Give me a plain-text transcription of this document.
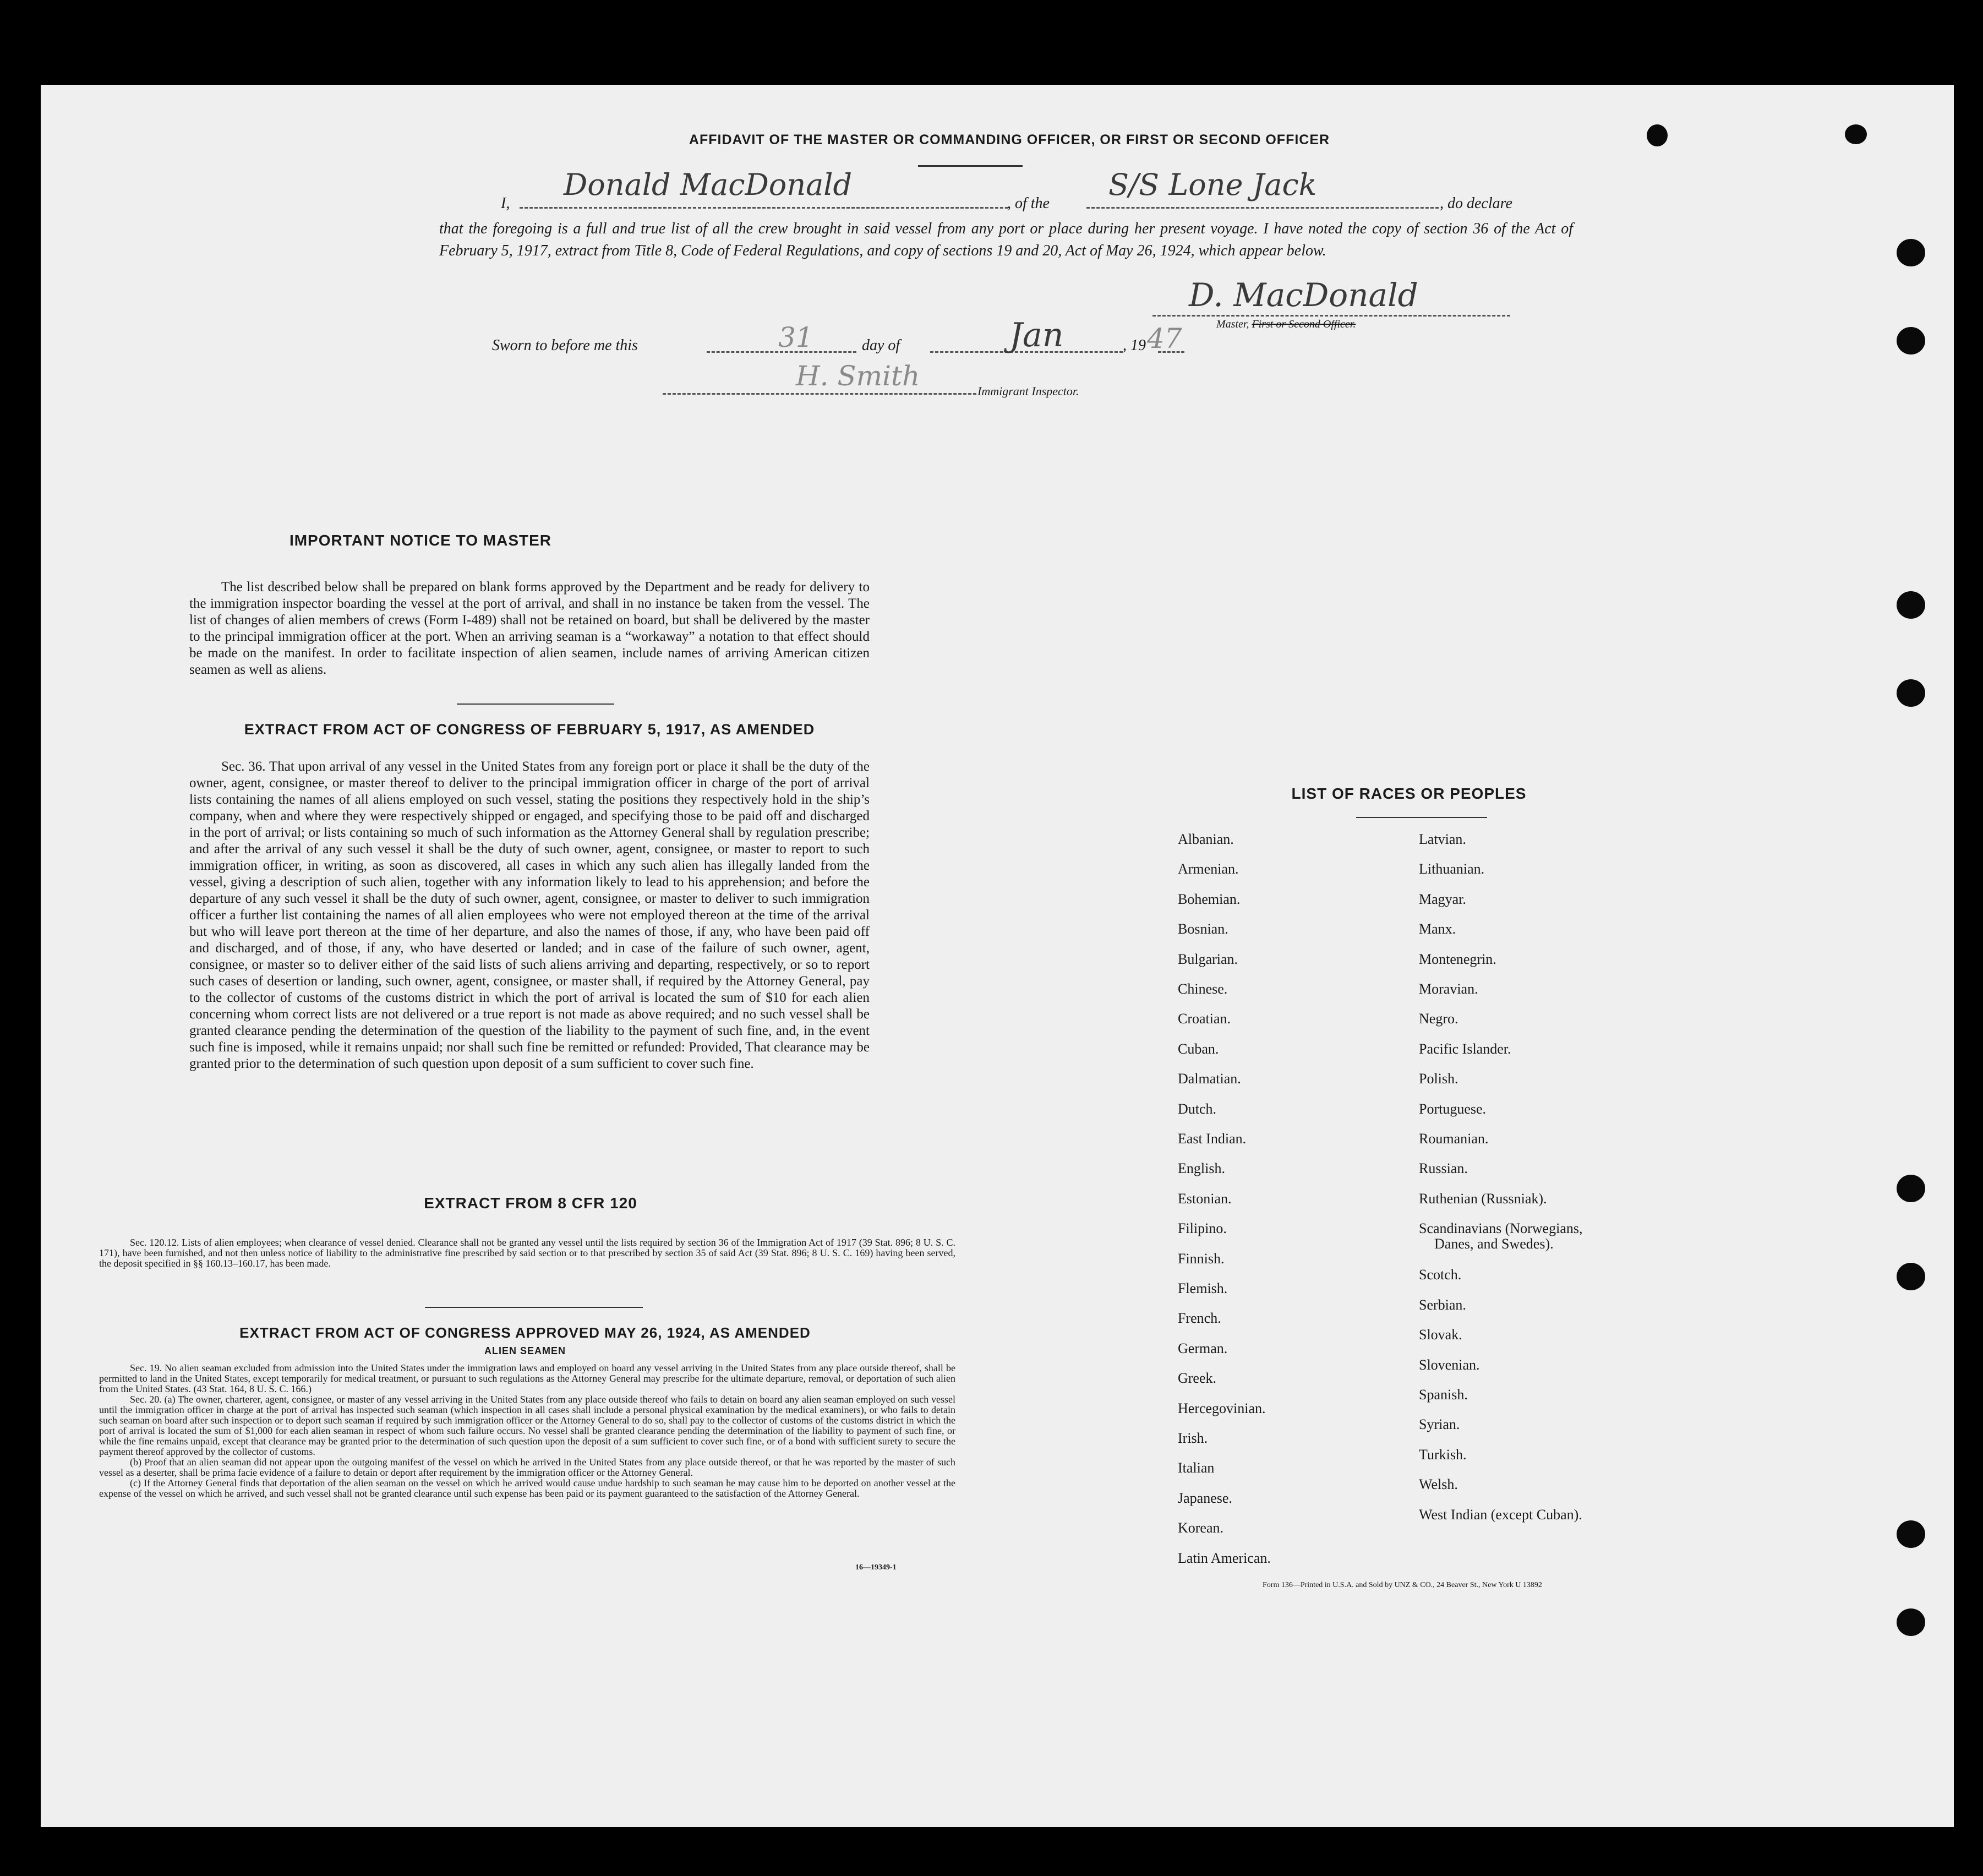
AFFIDAVIT OF THE MASTER OR COMMANDING OFFICER, OR FIRST OR SECOND OFFICER
I,
Donald MacDonald
, of the
S/S Lone Jack
, do declare
that the foregoing is a full and true list of all the crew brought in said vessel from any port or place during her present voyage. I have noted the copy of section 36 of the Act of February 5, 1917, extract from Title 8, Code of Federal Regulations, and copy of sections 19 and 20, Act of May 26, 1924, which appear below.
D. MacDonald
Master, First or Second Officer.
Sworn to before me this	31	day of	Jan	, 19 47
H. Smith	Immigrant Inspector.
IMPORTANT NOTICE TO MASTER

The list described below shall be prepared on blank forms approved by the Department and be ready for delivery to the immigration inspector boarding the vessel at the port of arrival, and shall in no instance be taken from the vessel. The list of changes of alien members of crews (Form I-489) shall not be retained on board, but shall be delivered by the master to the principal immigration officer at the port. When an arriving seaman is a “workaway” a notation to that effect should be made on the manifest. In order to facilitate inspection of alien seamen, include names of arriving American citizen seamen as well as aliens.

EXTRACT FROM ACT OF CONGRESS OF FEBRUARY 5, 1917, AS AMENDED

Sec. 36. That upon arrival of any vessel in the United States from any foreign port or place it shall be the duty of the owner, agent, consignee, or master thereof to deliver to the principal immigration officer in charge of the port of arrival lists containing the names of all aliens employed on such vessel, stating the positions they respectively hold in the ship’s company, when and where they were respectively shipped or engaged, and specifying those to be paid off and discharged in the port of arrival; or lists containing so much of such information as the Attorney General shall by regulation prescribe; and after the arrival of any such vessel it shall be the duty of such owner, agent, consignee, or master to report to such immigration officer, in writing, as soon as discovered, all cases in which any such alien has illegally landed from the vessel, giving a description of such alien, together with any information likely to lead to his apprehension; and before the departure of any such vessel it shall be the duty of such owner, agent, consignee, or master to deliver to such immigration officer a further list containing the names of all alien employees who were not employed thereon at the time of the arrival but who will leave port thereon at the time of her departure, and also the names of those, if any, who have been paid off and discharged, and of those, if any, who have deserted or landed; and in case of the failure of such owner, agent, consignee, or master so to deliver either of the said lists of such aliens arriving and departing, respectively, or so to report such cases of desertion or landing, such owner, agent, consignee, or master shall, if required by the Attorney General, pay to the collector of customs of the customs district in which the port of arrival is located the sum of $10 for each alien concerning whom correct lists are not delivered or a true report is not made as above required; and no such vessel shall be granted clearance pending the determination of the question of the liability to the payment of such fine, and, in the event such fine is imposed, while it remains unpaid; nor shall such fine be remitted or refunded: Provided, That clearance may be granted prior to the determination of such question upon deposit of a sum sufficient to cover such fine.

EXTRACT FROM 8 CFR 120

Sec. 120.12. Lists of alien employees; when clearance of vessel denied. Clearance shall not be granted any vessel until the lists required by section 36 of the Immigration Act of 1917 (39 Stat. 896; 8 U. S. C. 171), have been furnished, and not then unless notice of liability to the administrative fine prescribed by said section or to that prescribed by section 35 of said Act (39 Stat. 896; 8 U. S. C. 169) having been served, the deposit specified in §§ 160.13–160.17, has been made.

EXTRACT FROM ACT OF CONGRESS APPROVED MAY 26, 1924, AS AMENDED
ALIEN SEAMEN

Sec. 19. No alien seaman excluded from admission into the United States under the immigration laws and employed on board any vessel arriving in the United States from any place outside thereof, shall be permitted to land in the United States, except temporarily for medical treatment, or pursuant to such regulations as the Attorney General may prescribe for the ultimate departure, removal, or deportation of such alien from the United States. (43 Stat. 164, 8 U. S. C. 166.)

Sec. 20. (a) The owner, charterer, agent, consignee, or master of any vessel arriving in the United States from any place outside thereof who fails to detain on board any alien seaman employed on such vessel until the immigration officer in charge at the port of arrival has inspected such seaman (which inspection in all cases shall include a personal physical examination by the medical examiners), or who fails to detain such seaman on board after such inspection or to deport such seaman if required by such immigration officer or the Attorney General to do so, shall pay to the collector of customs of the customs district in which the port of arrival is located the sum of $1,000 for each alien seaman in respect of whom such failure occurs. No vessel shall be granted clearance pending the determination of the liability to payment of such fine, or while the fine remains unpaid, except that clearance may be granted prior to the determination of such question upon the deposit of a sum sufficient to cover such fine, or of a bond with sufficient surety to secure the payment thereof approved by the collector of customs.

(b) Proof that an alien seaman did not appear upon the outgoing manifest of the vessel on which he arrived in the United States from any place outside thereof, or that he was reported by the master of such vessel as a deserter, shall be prima facie evidence of a failure to detain or deport after requirement by the immigration officer or the Attorney General.

(c) If the Attorney General finds that deportation of the alien seaman on the vessel on which he arrived would cause undue hardship to such seaman he may cause him to be deported on another vessel at the expense of the vessel on which he arrived, and such vessel shall not be granted clearance until such expense has been paid or its payment guaranteed to the satisfaction of the Attorney General.

16—19349-1
LIST OF RACES OR PEOPLES
Albanian.
Armenian.
Bohemian.
Bosnian.
Bulgarian.
Chinese.
Croatian.
Cuban.
Dalmatian.
Dutch.
East Indian.
English.
Estonian.
Filipino.
Finnish.
Flemish.
French.
German.
Greek.
Hercegovinian.
Irish.
Italian
Japanese.
Korean.
Latin American.
Latvian.
Lithuanian.
Magyar.
Manx.
Montenegrin.
Moravian.
Negro.
Pacific Islander.
Polish.
Portuguese.
Roumanian.
Russian.
Ruthenian (Russniak).
Scandinavians (Norwegians,
Danes, and Swedes).
Scotch.
Serbian.
Slovak.
Slovenian.
Spanish.
Syrian.
Turkish.
Welsh.
West Indian (except Cuban).
Form 136—Printed in U.S.A. and Sold by UNZ & CO., 24 Beaver St., New York U 13892
